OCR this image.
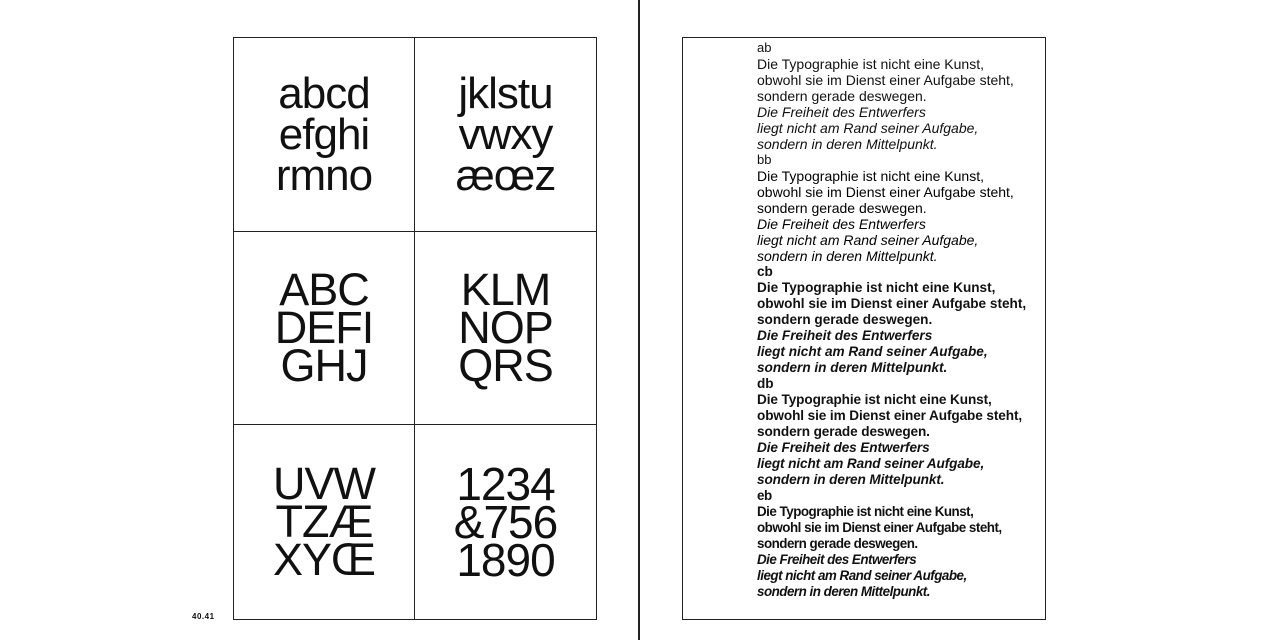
abcd
efghi
rmno
jklstu
vwxy
æœz
ABC
DEFI
GHJ
KLM
NOP
QRS
UVW
TZÆ
XYŒ
1234
&756
1890
40.41
ab
Die Typographie ist nicht eine Kunst,
obwohl sie im Dienst einer Aufgabe steht,
sondern gerade deswegen.
Die Freiheit des Entwerfers
liegt nicht am Rand seiner Aufgabe,
sondern in deren Mittelpunkt.
bb
Die Typographie ist nicht eine Kunst,
obwohl sie im Dienst einer Aufgabe steht,
sondern gerade deswegen.
Die Freiheit des Entwerfers
liegt nicht am Rand seiner Aufgabe,
sondern in deren Mittelpunkt.
cb
Die Typographie ist nicht eine Kunst,
obwohl sie im Dienst einer Aufgabe steht,
sondern gerade deswegen.
Die Freiheit des Entwerfers
liegt nicht am Rand seiner Aufgabe,
sondern in deren Mittelpunkt.
db
Die Typographie ist nicht eine Kunst,
obwohl sie im Dienst einer Aufgabe steht,
sondern gerade deswegen.
Die Freiheit des Entwerfers
liegt nicht am Rand seiner Aufgabe,
sondern in deren Mittelpunkt.
eb
Die Typographie ist nicht eine Kunst,
obwohl sie im Dienst einer Aufgabe steht,
sondern gerade deswegen.
Die Freiheit des Entwerfers
liegt nicht am Rand seiner Aufgabe,
sondern in deren Mittelpunkt.
